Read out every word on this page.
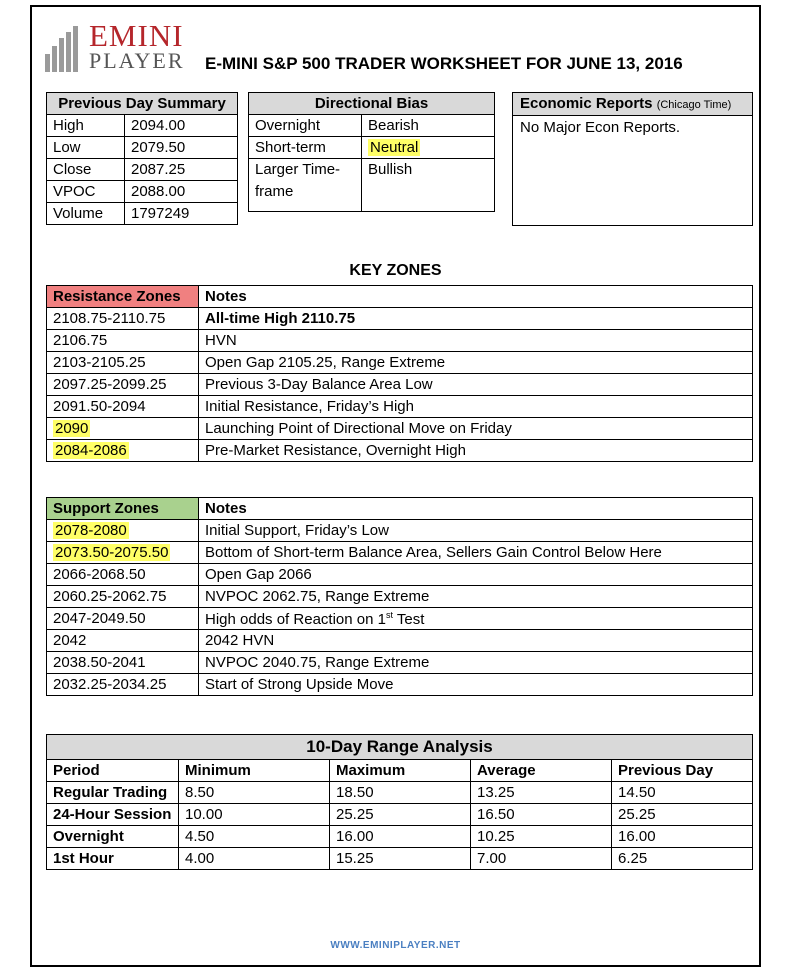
EMINI
PLAYER E-MINI S&P 500 TRADER WORKSHEET FOR JUNE 13, 2016
Previous Day Summary	
High	2094.00
Low	2079.50
Close	2087.25
VPOC	2088.00
Volume	1797249
Directional Bias	
Overnight	Bearish
Short-term	Neutral
Larger Time-frame	Bullish
Economic Reports (Chicago Time)
No Major Econ Reports.
KEY ZONES
Resistance Zones	Notes
2108.75-2110.75	All-time High 2110.75
2106.75	HVN
2103-2105.25	Open Gap 2105.25, Range Extreme
2097.25-2099.25	Previous 3-Day Balance Area Low
2091.50-2094	Initial Resistance, Friday’s High
2090	Launching Point of Directional Move on Friday
2084-2086	Pre-Market Resistance, Overnight High
Support Zones	Notes
2078-2080	Initial Support, Friday’s Low
2073.50-2075.50	Bottom of Short-term Balance Area, Sellers Gain Control Below Here
2066-2068.50	Open Gap 2066
2060.25-2062.75	NVPOC 2062.75, Range Extreme
2047-2049.50	High odds of Reaction on 1st Test
2042	2042 HVN
2038.50-2041	NVPOC 2040.75, Range Extreme
2032.25-2034.25	Start of Strong Upside Move
10-Day Range Analysis				
Period	Minimum	Maximum	Average	Previous Day
Regular Trading	8.50	18.50	13.25	14.50
24-Hour Session	10.00	25.25	16.50	25.25
Overnight	4.50	16.00	10.25	16.00
1st Hour	4.00	15.25	7.00	6.25
WWW.EMINIPLAYER.NET
